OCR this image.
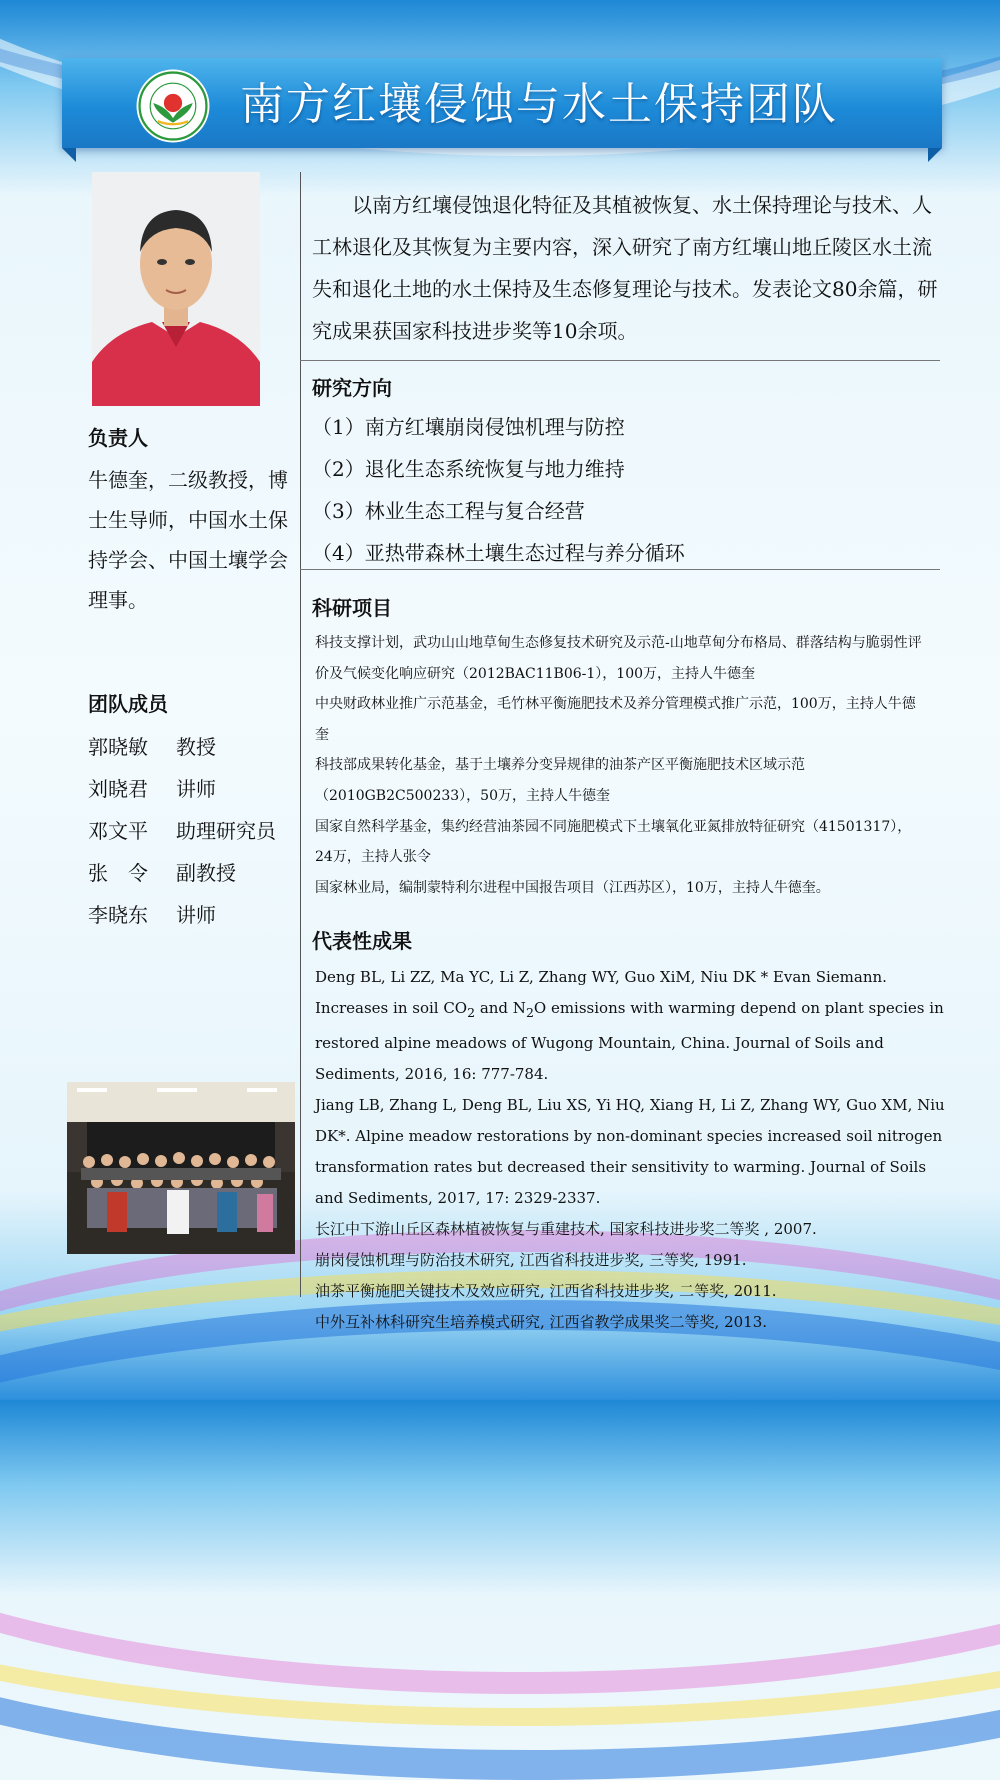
南方红壤侵蚀与水土保持团队
负责人
牛德奎，二级教授，博士生导师，中国水土保持学会、中国土壤学会理事。
团队成员
郭晓敏 教授
刘晓君 讲师
邓文平 助理研究员
张　令 副教授
李晓东 讲师

以南方红壤侵蚀退化特征及其植被恢复、水土保持理论与技术、人工林退化及其恢复为主要内容，深入研究了南方红壤山地丘陵区水土流失和退化土地的水土保持及生态修复理论与技术。发表论文80余篇，研究成果获国家科技进步奖等10余项。

研究方向
（1）南方红壤崩岗侵蚀机理与防控
（2）退化生态系统恢复与地力维持
（3）林业生态工程与复合经营
（4）亚热带森林土壤生态过程与养分循环
科研项目
科技支撑计划，武功山山地草甸生态修复技术研究及示范-山地草甸分布格局、群落结构与脆弱性评价及气候变化响应研究（2012BAC11B06-1），100万，主持人牛德奎
中央财政林业推广示范基金，毛竹林平衡施肥技术及养分管理模式推广示范，100万，主持人牛德奎
科技部成果转化基金，基于土壤养分变异规律的油茶产区平衡施肥技术区域示范（2010GB2C500233），50万，主持人牛德奎
国家自然科学基金，集约经营油茶园不同施肥模式下土壤氧化亚氮排放特征研究（41501317），24万，主持人张令
国家林业局，编制蒙特利尔进程中国报告项目（江西苏区），10万，主持人牛德奎。
代表性成果
Deng BL, Li ZZ, Ma YC, Li Z, Zhang WY, Guo XiM, Niu DK * Evan Siemann. Increases in soil $CO_2$ and $N_2O$ emissions with warming depend on plant species in restored alpine meadows of Wugong Mountain, China. Journal of Soils and Sediments, 2016, 16: 777-784.
Jiang LB, Zhang L, Deng BL, Liu XS, Yi HQ, Xiang H, Li Z, Zhang WY, Guo XM, Niu DK*. Alpine meadow restorations by non-dominant species increased soil nitrogen transformation rates but decreased their sensitivity to warming. Journal of Soils and Sediments, 2017, 17: 2329-2337.
长江中下游山丘区森林植被恢复与重建技术, 国家科技进步奖二等奖 , 2007.
崩岗侵蚀机理与防治技术研究, 江西省科技进步奖, 三等奖, 1991.
油茶平衡施肥关键技术及效应研究, 江西省科技进步奖, 二等奖, 2011.
中外互补林科研究生培养模式研究, 江西省教学成果奖二等奖, 2013.
